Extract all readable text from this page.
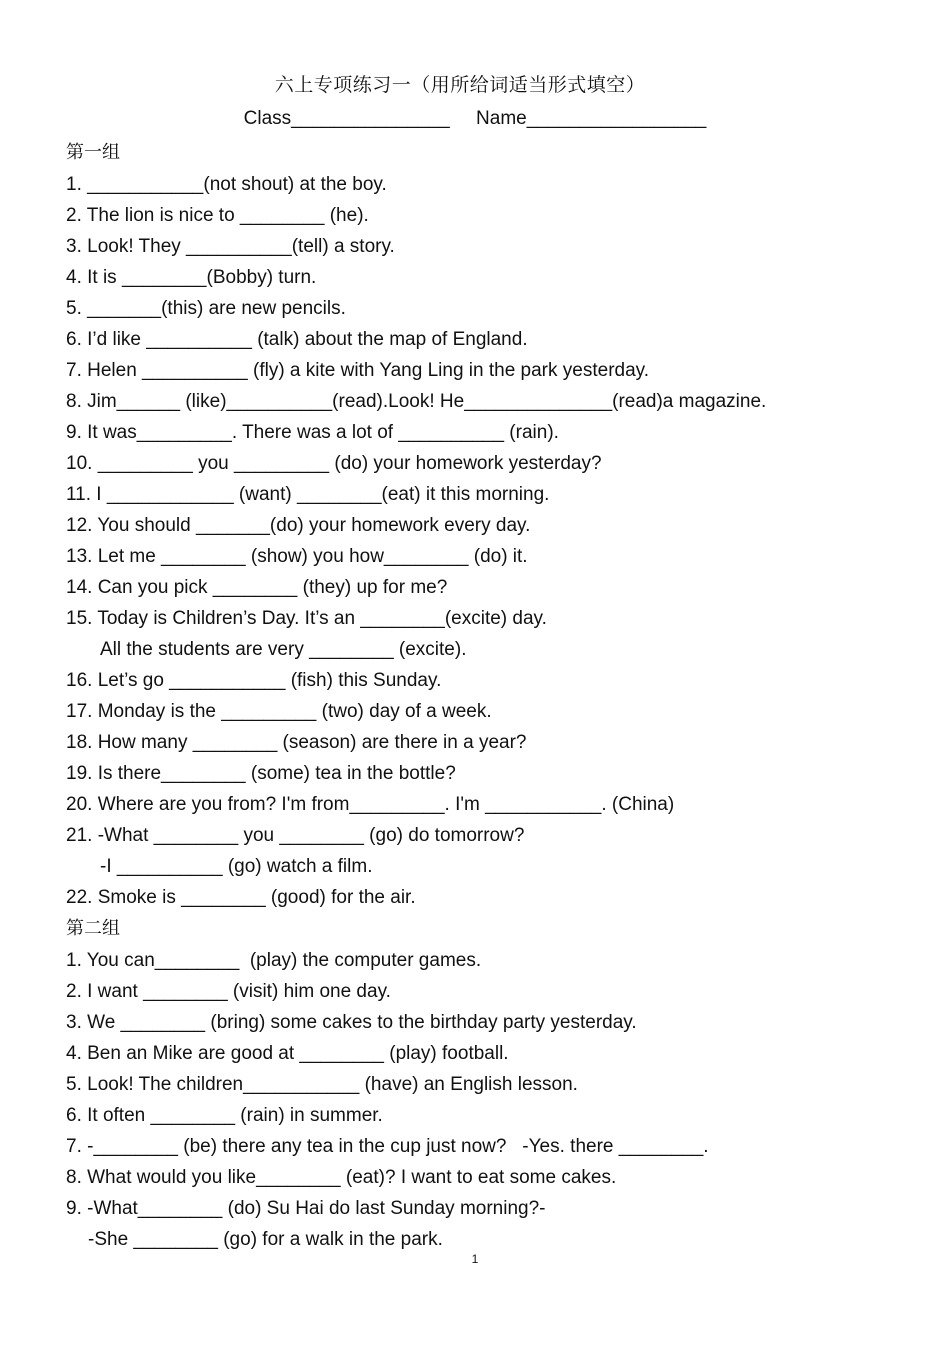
六上专项练习一（用所给词适当形式填空）
Class_______________     Name_________________
第一组
1. ___________(not shout) at the boy.
2. The lion is nice to ________ (he).
3. Look! They __________(tell) a story.
4. It is ________(Bobby) turn.
5. _______(this) are new pencils.
6. I’d like __________ (talk) about the map of England.
7. Helen __________ (fly) a kite with Yang Ling in the park yesterday.
8. Jim______ (like)__________(read).Look! He______________(read)a magazine.
9. It was_________. There was a lot of __________ (rain).
10. _________ you _________ (do) your homework yesterday?
11. I ____________ (want) ________(eat) it this morning.
12. You should _______(do) your homework every day.
13. Let me ________ (show) you how________ (do) it.
14. Can you pick ________ (they) up for me?
15. Today is Children’s Day. It’s an ________(excite) day.
All the students are very ________ (excite).
16. Let’s go ___________ (fish) this Sunday.
17. Monday is the _________ (two) day of a week.
18. How many ________ (season) are there in a year?
19. Is there________ (some) tea in the bottle?
20. Where are you from? I'm from_________. I'm ___________. (China)
21. -What ________ you ________ (go) do tomorrow?
-I __________ (go) watch a film.
22. Smoke is ________ (good) for the air.
第二组
1. You can________  (play) the computer games.
2. I want ________ (visit) him one day.
3. We ________ (bring) some cakes to the birthday party yesterday.
4. Ben an Mike are good at ________ (play) football.
5. Look! The children___________ (have) an English lesson.
6. It often ________ (rain) in summer.
7. -________ (be) there any tea in the cup just now?   -Yes. there ________.
8. What would you like________ (eat)? I want to eat some cakes.
9. -What________ (do) Su Hai do last Sunday morning?-
-She ________ (go) for a walk in the park.
1
